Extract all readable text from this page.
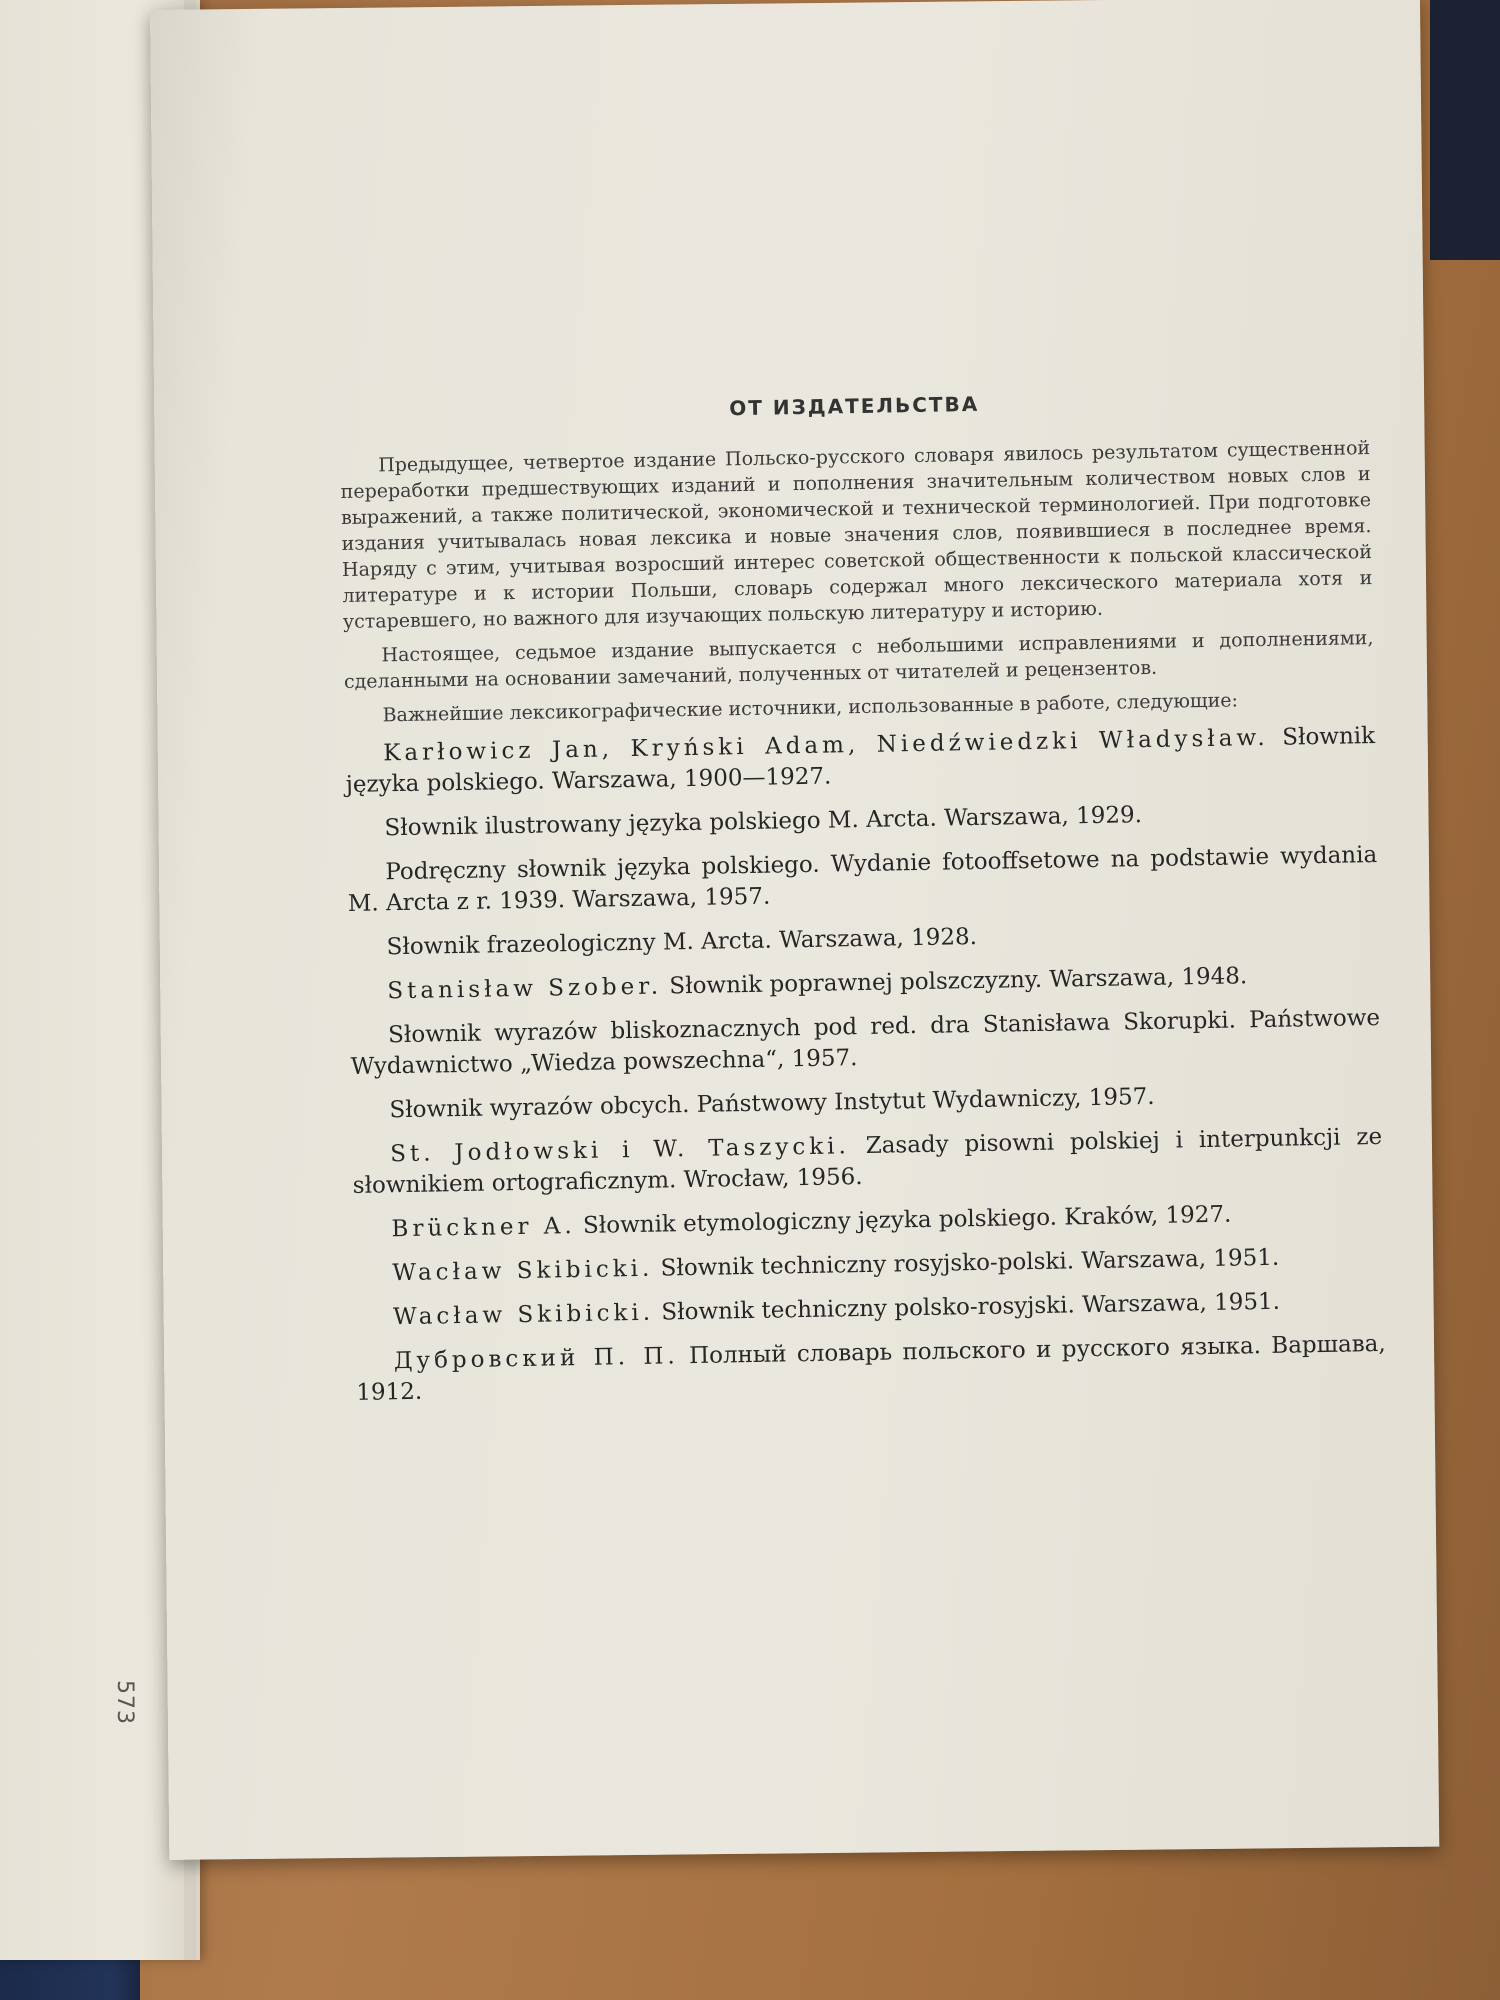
573
ОТ ИЗДАТЕЛЬСТВА

Предыдущее, четвертое издание Польско-русского словаря явилось результатом существенной переработки предшествующих изданий и пополнения значительным количеством новых слов и выражений, а также политической, экономической и технической терминологией. При подготовке издания учитывалась новая лексика и новые значения слов, появившиеся в последнее время. Наряду с этим, учитывая возросший интерес советской общественности к польской классической литературе и к истории Польши, словарь содержал много лексического материала хотя и устаревшего, но важного для изучающих польскую литературу и историю.

Настоящее, седьмое издание выпускается с небольшими исправлениями и дополнениями, сделанными на основании замечаний, полученных от читателей и рецензентов.

Важнейшие лексикографические источники, использованные в работе, следующие:

Karłowicz Jan, Kryński Adam, Niedźwiedzki Władysław. Słownik języka polskiego. Warszawa, 1900—1927.

Słownik ilustrowany języka polskiego M. Arcta. Warszawa, 1929.

Podręczny słownik języka polskiego. Wydanie fotooffsetowe na podstawie wydania M. Arcta z r. 1939. Warszawa, 1957.

Słownik frazeologiczny M. Arcta. Warszawa, 1928.

Stanisław Szober. Słownik poprawnej polszczyzny. Warszawa, 1948.

Słownik wyrazów bliskoznacznych pod red. dra Stanisława Skorupki. Państwowe Wydawnictwo „Wiedza powszechna“, 1957.

Słownik wyrazów obcych. Państwowy Instytut Wydawniczy, 1957.

St. Jodłowski i W. Taszycki. Zasady pisowni polskiej i interpunkcji ze słownikiem ortograficznym. Wrocław, 1956.

Brückner A. Słownik etymologiczny języka polskiego. Kraków, 1927.

Wacław Skibicki. Słownik techniczny rosyjsko-polski. Warszawa, 1951.

Wacław Skibicki. Słownik techniczny polsko-rosyjski. Warszawa, 1951.

Дубровский П. П. Полный словарь польского и русского языка. Варшава, 1912.
